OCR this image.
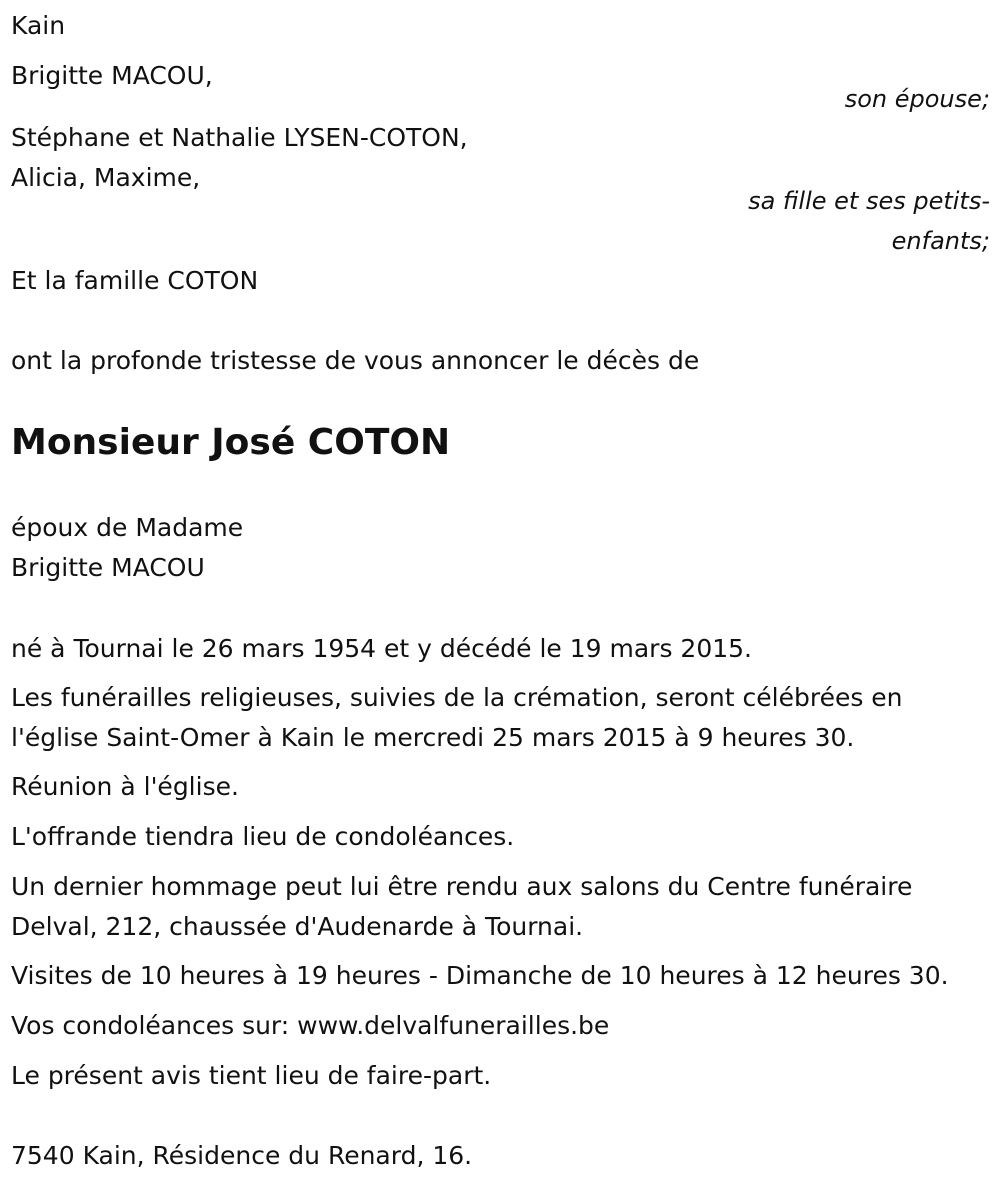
Kain

Brigitte MACOU,

son épouse;

Stéphane et Nathalie LYSEN-COTON,

Alicia, Maxime,

sa fille et ses petits-

enfants;

Et la famille COTON

ont la profonde tristesse de vous annoncer le décès de

Monsieur José COTON

époux de Madame

Brigitte MACOU

né à Tournai le 26 mars 1954 et y décédé le 19 mars 2015.

Les funérailles religieuses, suivies de la crémation, seront célébrées en

l'église Saint-Omer à Kain le mercredi 25 mars 2015 à 9 heures 30.

Réunion à l'église.

L'offrande tiendra lieu de condoléances.

Un dernier hommage peut lui être rendu aux salons du Centre funéraire

Delval, 212, chaussée d'Audenarde à Tournai.

Visites de 10 heures à 19 heures - Dimanche de 10 heures à 12 heures 30.

Vos condoléances sur: www.delvalfunerailles.be

Le présent avis tient lieu de faire-part.

7540 Kain, Résidence du Renard, 16.
